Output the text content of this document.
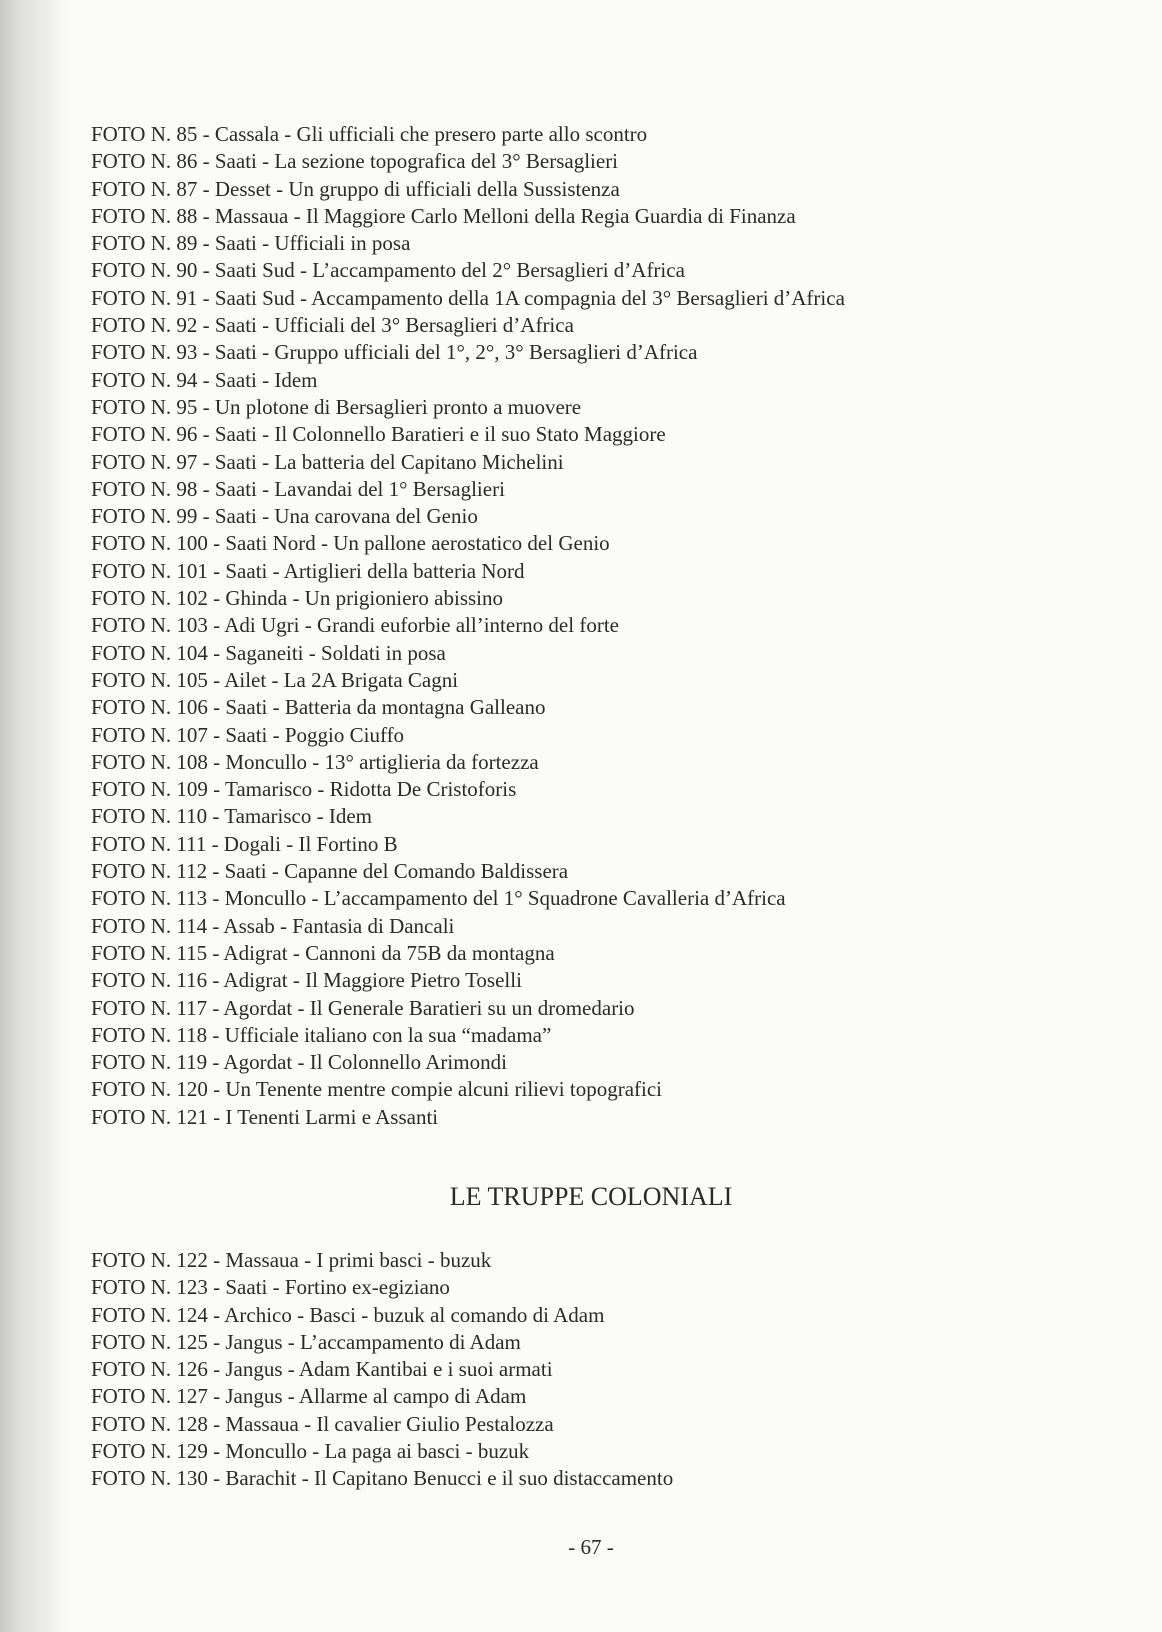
FOTO N. 85 - Cassala - Gli ufficiali che presero parte allo scontro
FOTO N. 86 - Saati - La sezione topografica del 3° Bersaglieri
FOTO N. 87 - Desset - Un gruppo di ufficiali della Sussistenza
FOTO N. 88 - Massaua - Il Maggiore Carlo Melloni della Regia Guardia di Finanza
FOTO N. 89 - Saati - Ufficiali in posa
FOTO N. 90 - Saati Sud - L’accampamento del 2° Bersaglieri d’Africa
FOTO N. 91 - Saati Sud - Accampamento della 1A compagnia del 3° Bersaglieri d’Africa
FOTO N. 92 - Saati - Ufficiali del 3° Bersaglieri d’Africa
FOTO N. 93 - Saati - Gruppo ufficiali del 1°, 2°, 3° Bersaglieri d’Africa
FOTO N. 94 - Saati - Idem
FOTO N. 95 - Un plotone di Bersaglieri pronto a muovere
FOTO N. 96 - Saati - Il Colonnello Baratieri e il suo Stato Maggiore
FOTO N. 97 - Saati - La batteria del Capitano Michelini
FOTO N. 98 - Saati - Lavandai del 1° Bersaglieri
FOTO N. 99 - Saati - Una carovana del Genio
FOTO N. 100 - Saati Nord - Un pallone aerostatico del Genio
FOTO N. 101 - Saati - Artiglieri della batteria Nord
FOTO N. 102 - Ghinda - Un prigioniero abissino
FOTO N. 103 - Adi Ugri - Grandi euforbie all’interno del forte
FOTO N. 104 - Saganeiti - Soldati in posa
FOTO N. 105 - Ailet - La 2A Brigata Cagni
FOTO N. 106 - Saati - Batteria da montagna Galleano
FOTO N. 107 - Saati - Poggio Ciuffo
FOTO N. 108 - Moncullo - 13° artiglieria da fortezza
FOTO N. 109 - Tamarisco - Ridotta De Cristoforis
FOTO N. 110 - Tamarisco - Idem
FOTO N. 111 - Dogali - Il Fortino B
FOTO N. 112 - Saati - Capanne del Comando Baldissera
FOTO N. 113 - Moncullo - L’accampamento del 1° Squadrone Cavalleria d’Africa
FOTO N. 114 - Assab - Fantasia di Dancali
FOTO N. 115 - Adigrat - Cannoni da 75B da montagna
FOTO N. 116 - Adigrat - Il Maggiore Pietro Toselli
FOTO N. 117 - Agordat - Il Generale Baratieri su un dromedario
FOTO N. 118 - Ufficiale italiano con la sua “madama”
FOTO N. 119 - Agordat - Il Colonnello Arimondi
FOTO N. 120 - Un Tenente mentre compie alcuni rilievi topografici
FOTO N. 121 - I Tenenti Larmi e Assanti
LE TRUPPE COLONIALI
FOTO N. 122 - Massaua - I primi basci - buzuk
FOTO N. 123 - Saati - Fortino ex-egiziano
FOTO N. 124 - Archico - Basci - buzuk al comando di Adam
FOTO N. 125 - Jangus - L’accampamento di Adam
FOTO N. 126 - Jangus - Adam Kantibai e i suoi armati
FOTO N. 127 - Jangus - Allarme al campo di Adam
FOTO N. 128 - Massaua - Il cavalier Giulio Pestalozza
FOTO N. 129 - Moncullo - La paga ai basci - buzuk
FOTO N. 130 - Barachit - Il Capitano Benucci e il suo distaccamento
- 67 -
